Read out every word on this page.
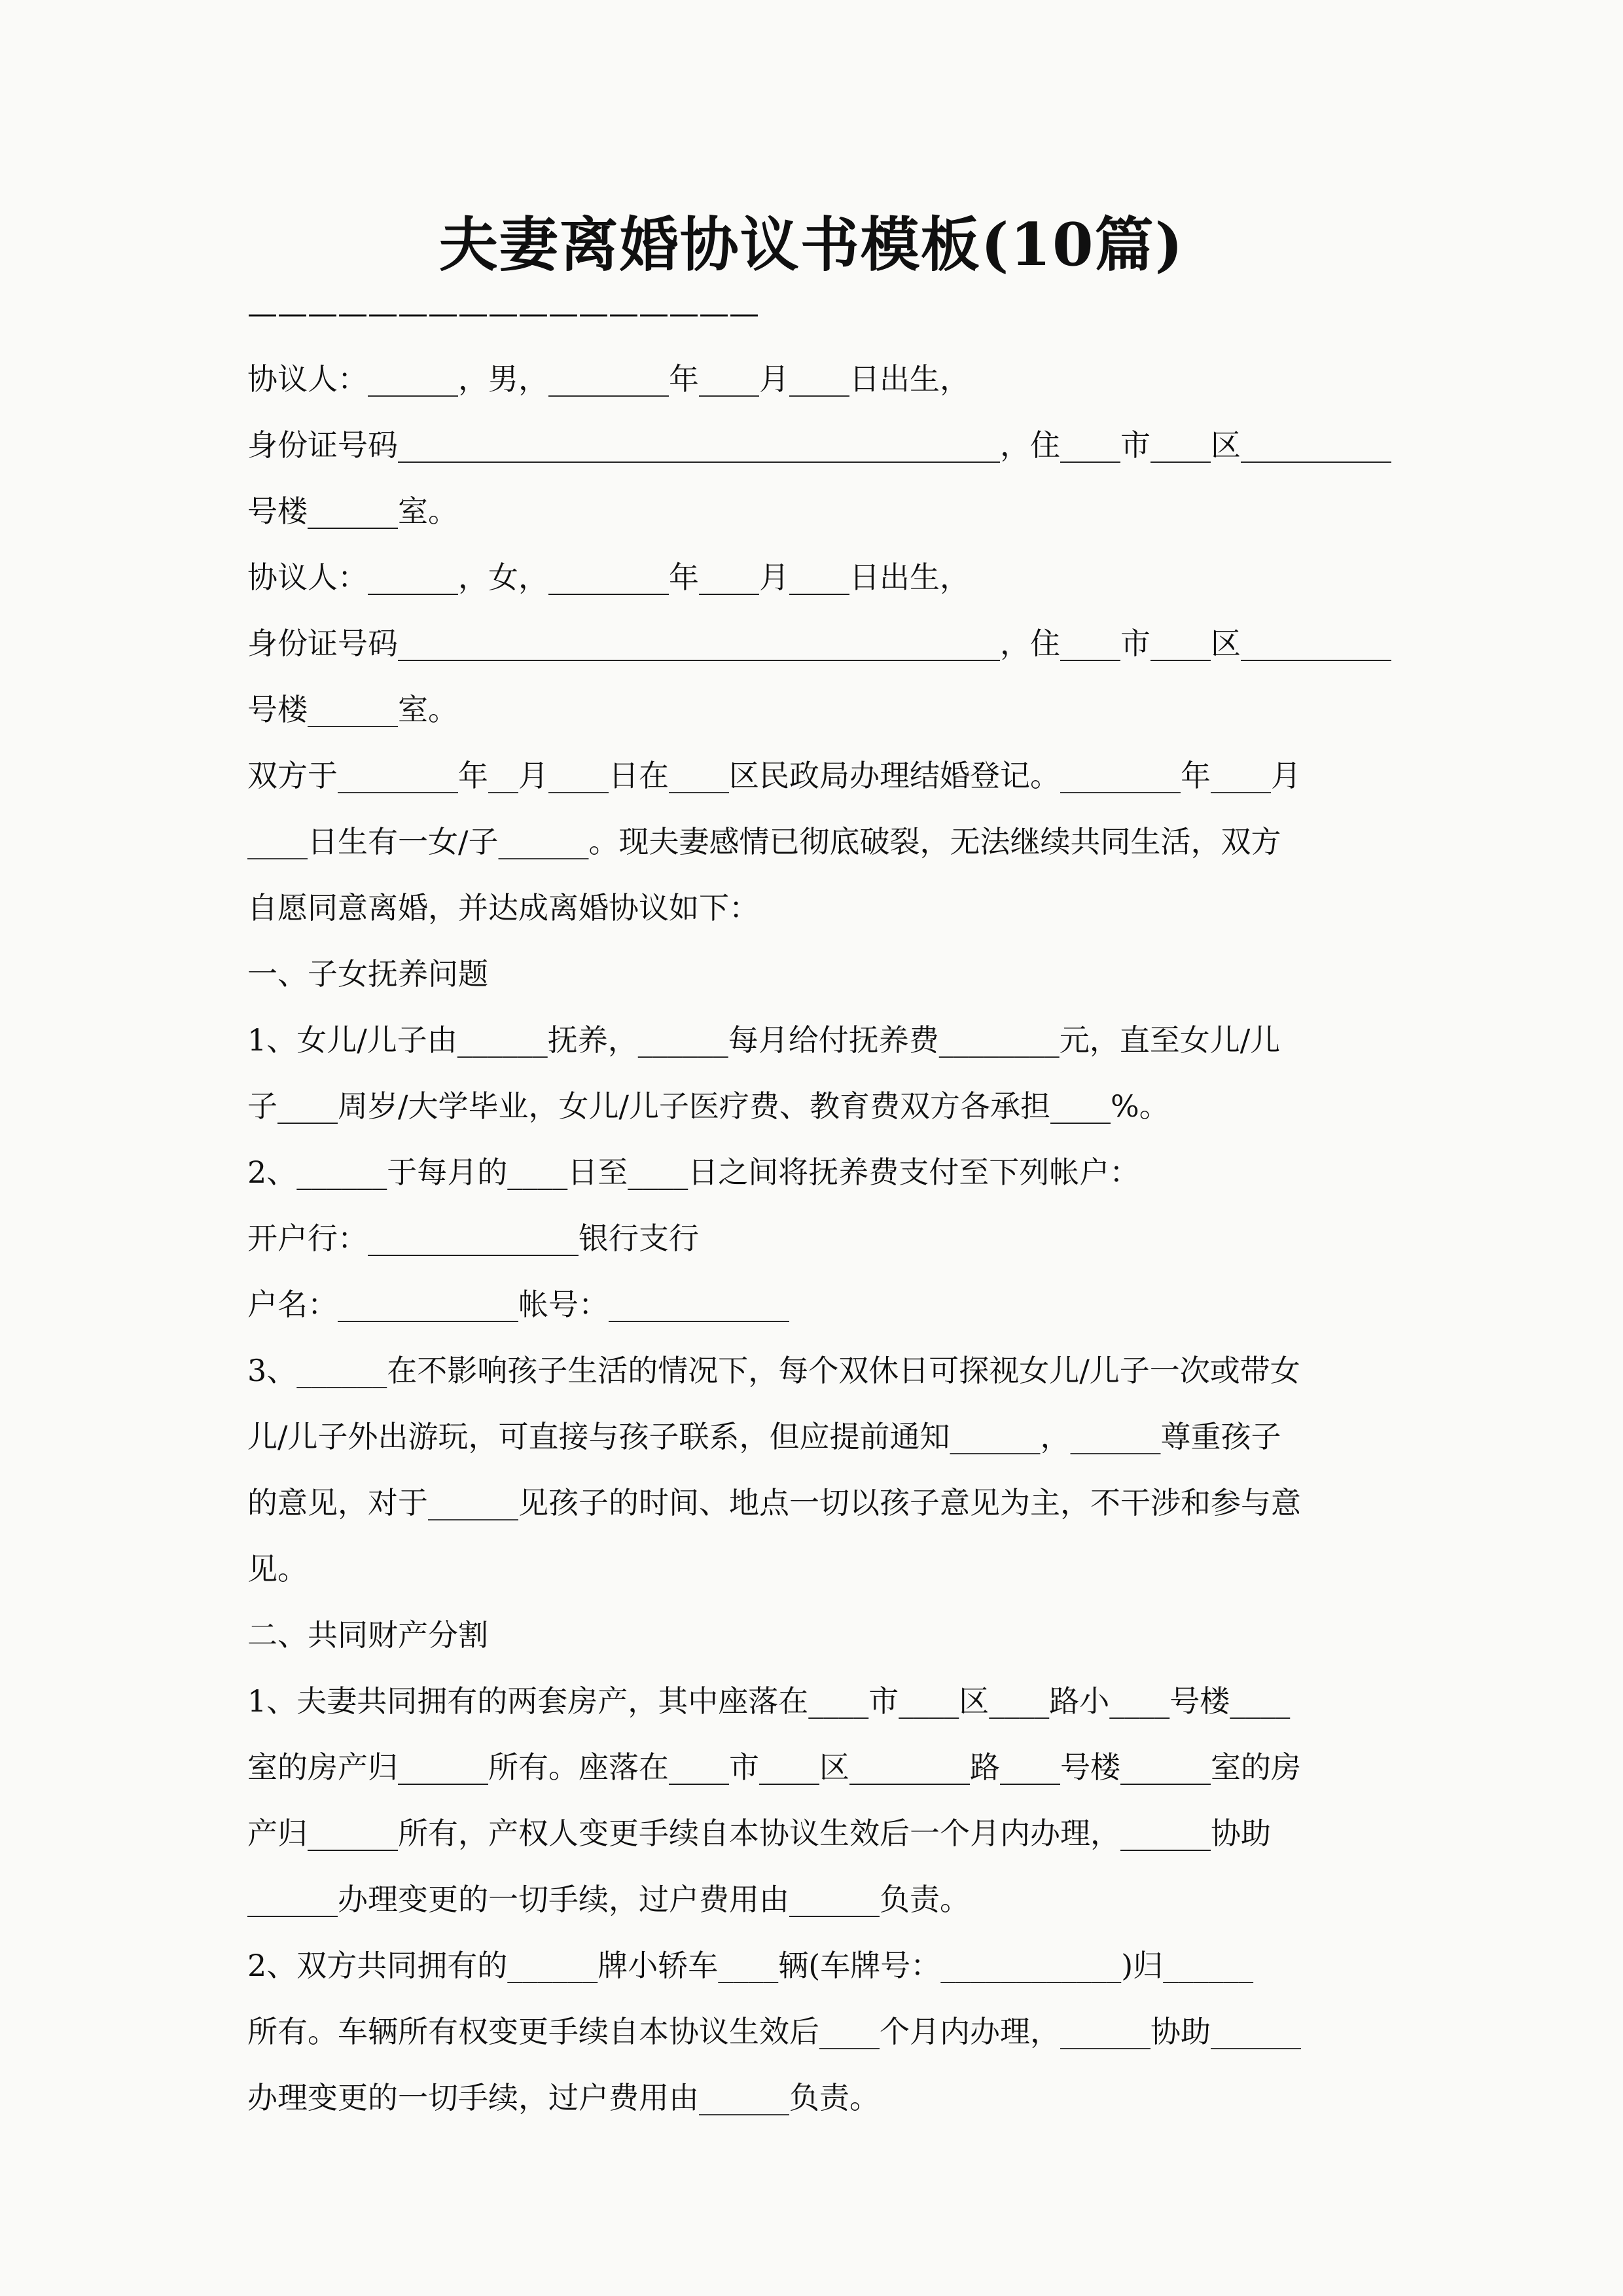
夫妻离婚协议书模板(10篇)
—————————————————
协议人：______，男，________年____月____日出生，
身份证号码________________________________________，住____市____区__________
号楼______室。
协议人：______，女，________年____月____日出生，
身份证号码________________________________________，住____市____区__________
号楼______室。
双方于________年__月____日在____区民政局办理结婚登记。________年____月
____日生有一女/子______。现夫妻感情已彻底破裂，无法继续共同生活，双方
自愿同意离婚，并达成离婚协议如下：
一、子女抚养问题
1、女儿/儿子由______抚养，______每月给付抚养费________元，直至女儿/儿
子____周岁/大学毕业，女儿/儿子医疗费、教育费双方各承担____%。
2、______于每月的____日至____日之间将抚养费支付至下列帐户：
开户行：______________银行支行
户名：____________帐号：____________
3、______在不影响孩子生活的情况下，每个双休日可探视女儿/儿子一次或带女
儿/儿子外出游玩，可直接与孩子联系，但应提前通知______，______尊重孩子
的意见，对于______见孩子的时间、地点一切以孩子意见为主，不干涉和参与意
见。
二、共同财产分割
1、夫妻共同拥有的两套房产，其中座落在____市____区____路小____号楼____
室的房产归______所有。座落在____市____区________路____号楼______室的房
产归______所有，产权人变更手续自本协议生效后一个月内办理，______协助
______办理变更的一切手续，过户费用由______负责。
2、双方共同拥有的______牌小轿车____辆(车牌号：____________)归______
所有。车辆所有权变更手续自本协议生效后____个月内办理，______协助______
办理变更的一切手续，过户费用由______负责。
